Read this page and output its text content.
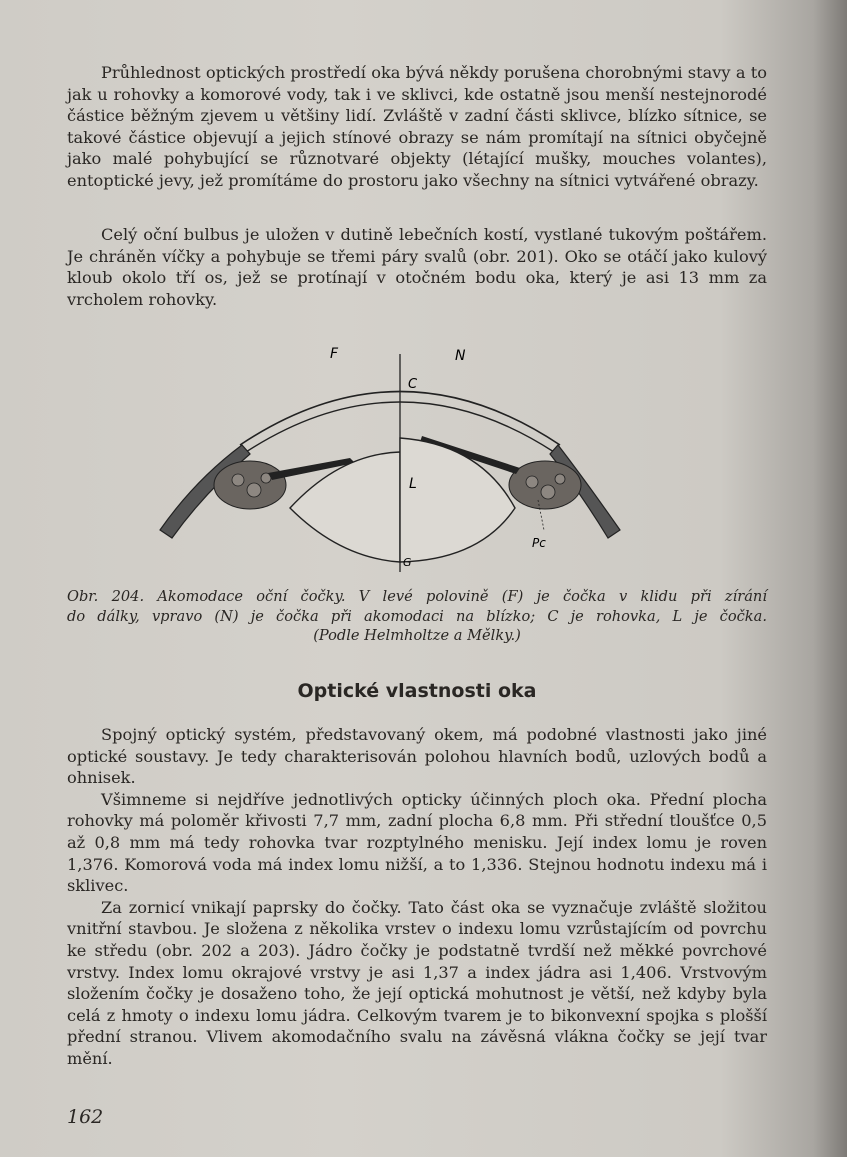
Průhlednost optických prostředí oka bývá někdy porušena chorobnými stavy a to jak u rohovky a komorové vody, tak i ve sklivci, kde ostatně jsou menší nestejnorodé částice běžným zjevem u většiny lidí. Zvláště v zadní části sklivce, blízko sítnice, se takové částice objevují a jejich stínové obrazy se nám promítají na sítnici obyčejně jako malé pohybující se různotvaré objekty (létající mušky, mouches volantes), entoptické jevy, jež promítáme do prostoru jako všechny na sítnici vytvářené obrazy.

Celý oční bulbus je uložen v dutině lebečních kostí, vystlané tukovým poštářem. Je chráněn víčky a pohybuje se třemi páry svalů (obr. 201). Oko se otáčí jako kulový kloub okolo tří os, jež se protínají v otočném bodu oka, který je asi 13 mm za vrcholem rohovky.

F	N
C
L
G
Pc
Obr. 204. Akomodace oční čočky. V levé polovině (F) je čočka v klidu při zírání
do dálky, vpravo (N) je čočka při akomodaci na blízko; C je rohovka, L je čočka.
(Podle Helmholtze a Mělky.)
Optické vlastnosti oka

Spojný optický systém, představovaný okem, má podobné vlastnosti jako jiné optické soustavy. Je tedy charakterisován polohou hlavních bodů, uzlových bodů a ohnisek.

Všimneme si nejdříve jednotlivých opticky účinných ploch oka. Přední plocha rohovky má poloměr křivosti 7,7 mm, zadní plocha 6,8 mm. Při střední tloušťce 0,5 až 0,8 mm má tedy rohovka tvar rozptylného menisku. Její index lomu je roven 1,376. Komorová voda má index lomu nižší, a to 1,336. Stejnou hodnotu indexu má i sklivec.

Za zornicí vnikají paprsky do čočky. Tato část oka se vyznačuje zvláště složitou vnitřní stavbou. Je složena z několika vrstev o indexu lomu vzrůstajícím od povrchu ke středu (obr. 202 a 203). Jádro čočky je podstatně tvrdší než měkké povrchové vrstvy. Index lomu okrajové vrstvy je asi 1,37 a index jádra asi 1,406. Vrstvovým složením čočky je dosaženo toho, že její optická mohutnost je větší, než kdyby byla celá z hmoty o indexu lomu jádra. Celkovým tvarem je to bikonvexní spojka s plošší přední stranou. Vlivem akomodačního svalu na závěsná vlákna čočky se její tvar mění.

162
